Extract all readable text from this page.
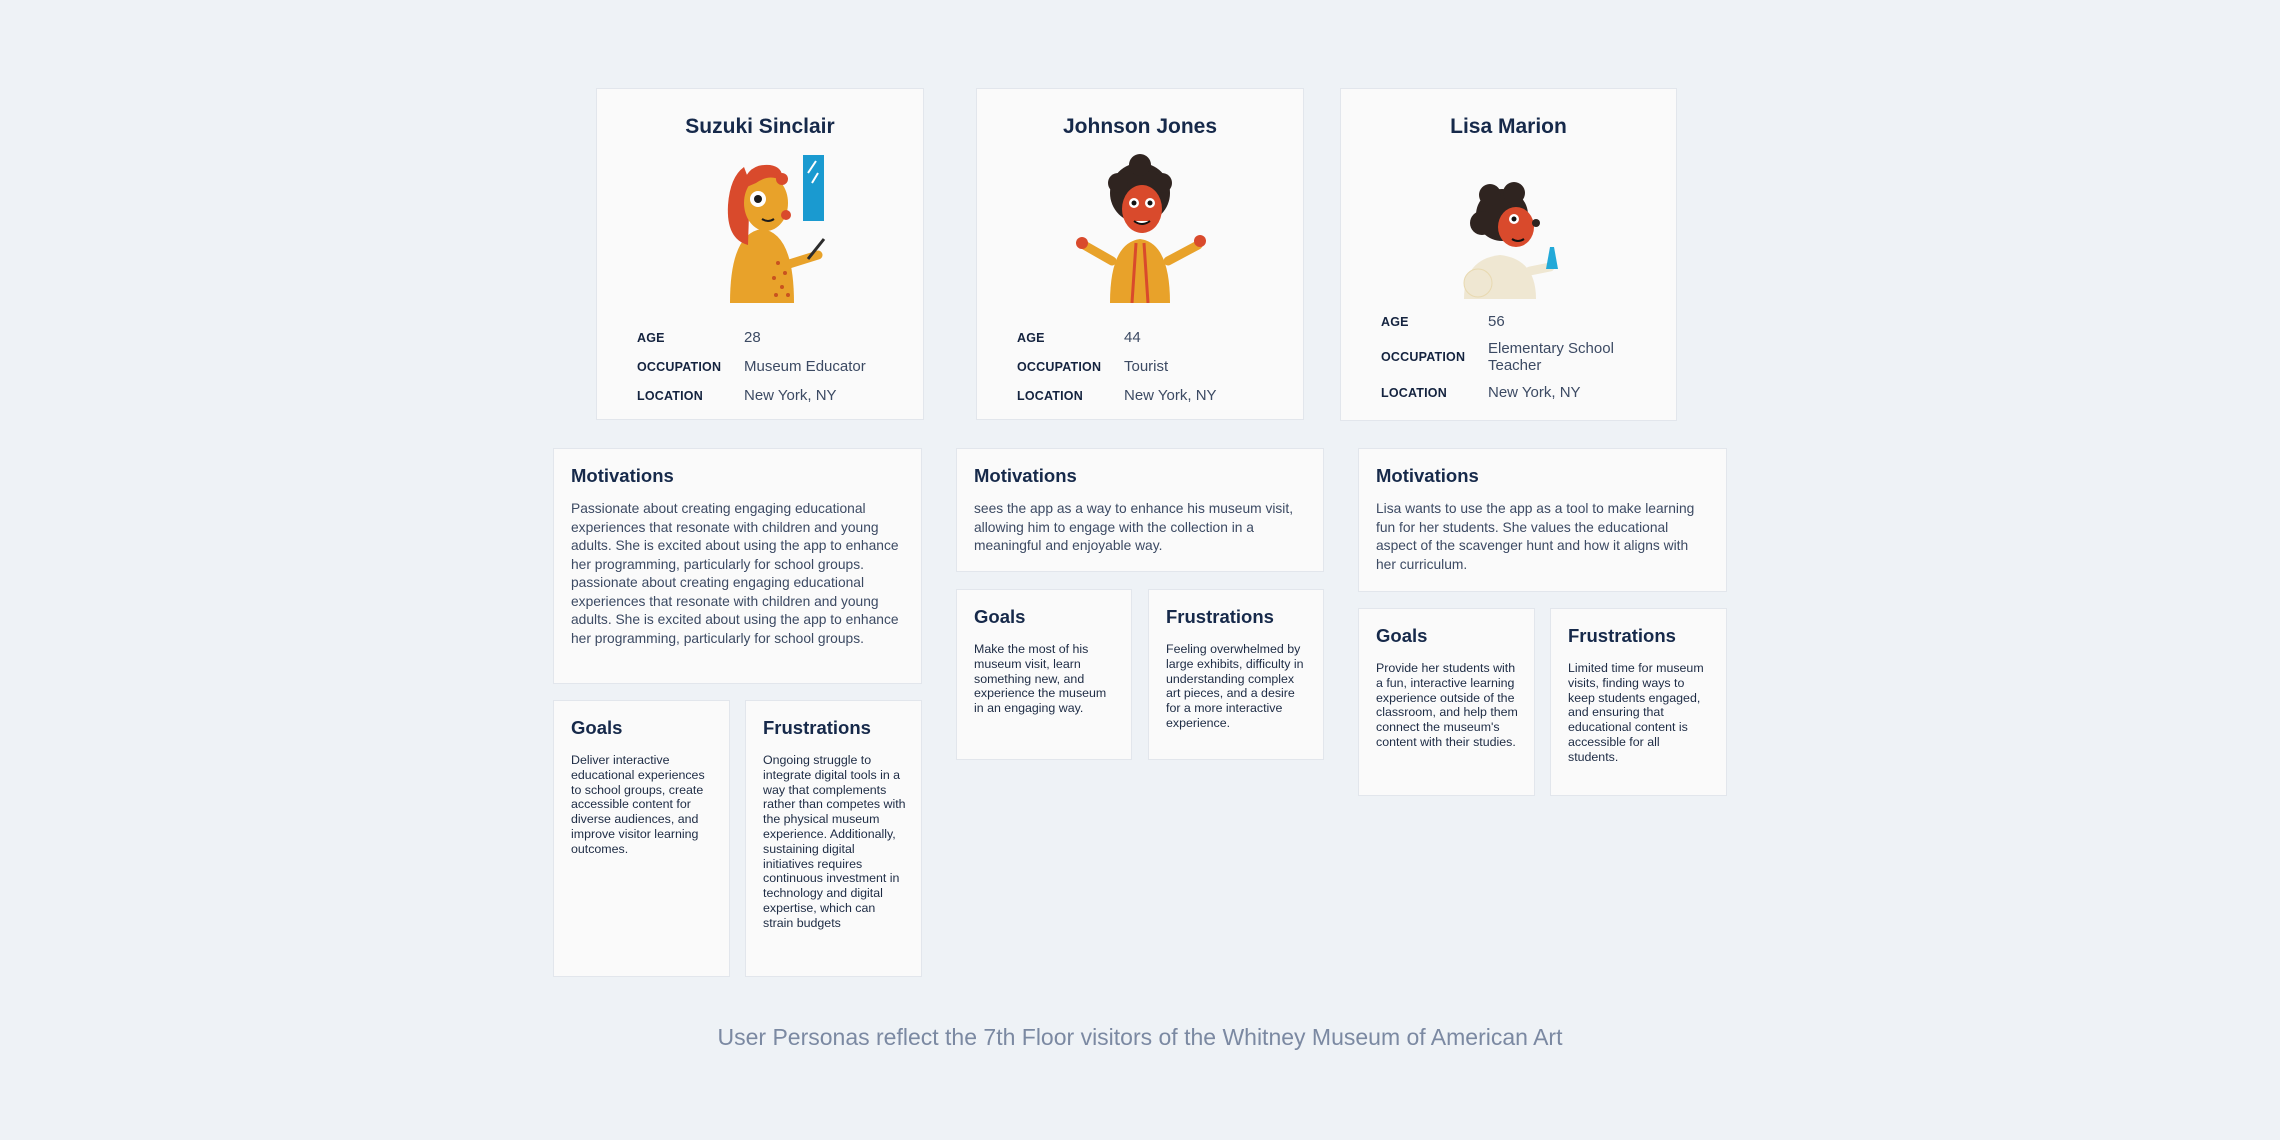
Suzuki Sinclair
AGE	28
OCCUPATION	Museum Educator
LOCATION	New York, NY
Motivations
Passionate about creating engaging educational experiences that resonate with children and young adults. She is excited about using the app to enhance her programming, particularly for school groups. passionate about creating engaging educational experiences that resonate with children and young adults. She is excited about using the app to enhance her programming, particularly for school groups.
Goals
Deliver interactive educational experiences to school groups, create accessible content for diverse audiences, and improve visitor learning outcomes.
Frustrations
Ongoing struggle to integrate digital tools in a way that complements rather than competes with the physical museum experience. Additionally, sustaining digital initiatives requires continuous investment in technology and digital expertise, which can strain budgets
Johnson Jones
AGE	44
OCCUPATION	Tourist
LOCATION	New York, NY
Motivations
sees the app as a way to enhance his museum visit, allowing him to engage with the collection in a meaningful and enjoyable way.
Goals
Make the most of his museum visit, learn something new, and experience the museum in an engaging way.
Frustrations
Feeling overwhelmed by large exhibits, difficulty in understanding complex art pieces, and a desire for a more interactive experience.
Lisa Marion
AGE	56
OCCUPATION	Elementary School Teacher
LOCATION	New York, NY
Motivations
Lisa wants to use the app as a tool to make learning fun for her students. She values the educational aspect of the scavenger hunt and how it aligns with her curriculum.
Goals
Provide her students with a fun, interactive learning experience outside of the classroom, and help them connect the museum's content with their studies.
Frustrations
Limited time for museum visits, finding ways to keep students engaged, and ensuring that educational content is accessible for all students.
User Personas reflect the 7th Floor visitors of the Whitney Museum of American Art
